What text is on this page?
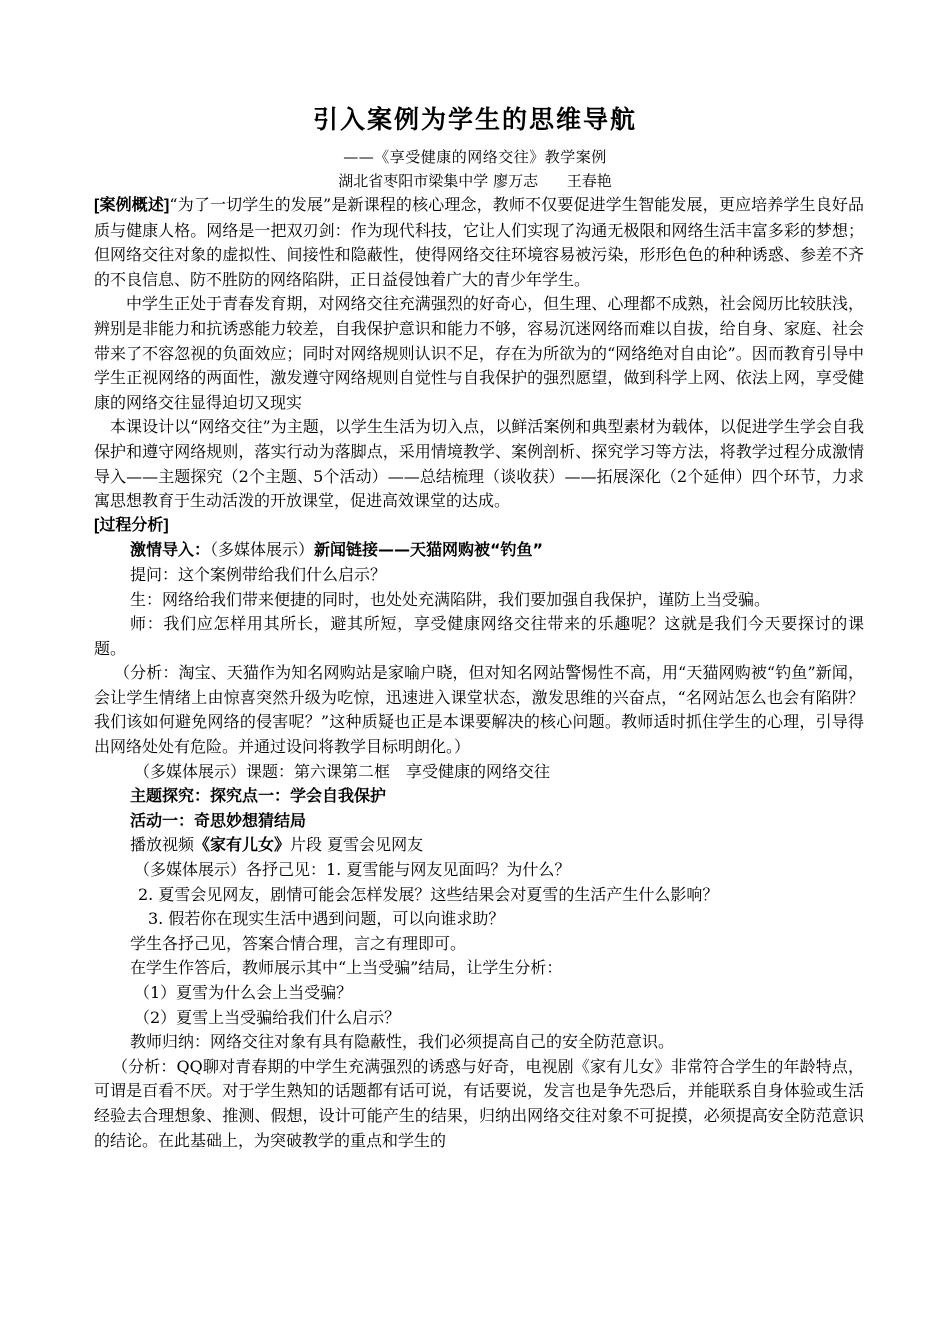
引入案例为学生的思维导航
——《享受健康的网络交往》教学案例
湖北省枣阳市梁集中学 廖万志 王春艳

[案例概述]“为了一切学生的发展”是新课程的核心理念，教师不仅要促进学生智能发展，更应培养学生良好品质与健康人格。网络是一把双刃剑：作为现代科技，它让人们实现了沟通无极限和网络生活丰富多彩的梦想；但网络交往对象的虚拟性、间接性和隐蔽性，使得网络交往环境容易被污染，形形色色的种种诱惑、参差不齐的不良信息、防不胜防的网络陷阱，正日益侵蚀着广大的青少年学生。

中学生正处于青春发育期，对网络交往充满强烈的好奇心，但生理、心理都不成熟，社会阅历比较肤浅，辨别是非能力和抗诱惑能力较差，自我保护意识和能力不够，容易沉迷网络而难以自拔，给自身、家庭、社会带来了不容忽视的负面效应；同时对网络规则认识不足，存在为所欲为的“网络绝对自由论”。因而教育引导中学生正视网络的两面性，激发遵守网络规则自觉性与自我保护的强烈愿望，做到科学上网、依法上网，享受健康的网络交往显得迫切又现实

本课设计以“网络交往”为主题，以学生生活为切入点，以鲜活案例和典型素材为载体，以促进学生学会自我保护和遵守网络规则，落实行动为落脚点，采用情境教学、案例剖析、探究学习等方法，将教学过程分成激情导入——主题探究（2个主题、5个活动）——总结梳理（谈收获）——拓展深化（2个延伸）四个环节，力求寓思想教育于生动活泼的开放课堂，促进高效课堂的达成。

[过程分析]

激情导入：（多媒体展示）新闻链接——天猫网购被“钓鱼”

提问：这个案例带给我们什么启示？

生：网络给我们带来便捷的同时，也处处充满陷阱，我们要加强自我保护，谨防上当受骗。

师：我们应怎样用其所长，避其所短，享受健康网络交往带来的乐趣呢？这就是我们今天要探讨的课题。

（分析：淘宝、天猫作为知名网购站是家喻户晓，但对知名网站警惕性不高，用“天猫网购被“钓鱼”新闻，会让学生情绪上由惊喜突然升级为吃惊，迅速进入课堂状态，激发思维的兴奋点，“名网站怎么也会有陷阱？我们该如何避免网络的侵害呢？”这种质疑也正是本课要解决的核心问题。教师适时抓住学生的心理，引导得出网络处处有危险。并通过设问将教学目标明朗化。）

（多媒体展示）课题：第六课第二框　享受健康的网络交往

主题探究：探究点一：学会自我保护

活动一：奇思妙想猜结局

播放视频《家有儿女》片段 夏雪会见网友

（多媒体展示）各抒己见：1. 夏雪能与网友见面吗？为什么？

2. 夏雪会见网友，剧情可能会怎样发展？这些结果会对夏雪的生活产生什么影响？

3. 假若你在现实生活中遇到问题，可以向谁求助？

学生各抒己见，答案合情合理，言之有理即可。

在学生作答后，教师展示其中“上当受骗”结局，让学生分析：

（1）夏雪为什么会上当受骗？

（2）夏雪上当受骗给我们什么启示？

教师归纳：网络交往对象有具有隐蔽性，我们必须提高自己的安全防范意识。

（分析：QQ聊对青春期的中学生充满强烈的诱惑与好奇，电视剧《家有儿女》非常符合学生的年龄特点，可谓是百看不厌。对于学生熟知的话题都有话可说，有话要说，发言也是争先恐后，并能联系自身体验或生活经验去合理想象、推测、假想，设计可能产生的结果，归纳出网络交往对象不可捉摸，必须提高安全防范意识的结论。在此基础上，为突破教学的重点和学生的
